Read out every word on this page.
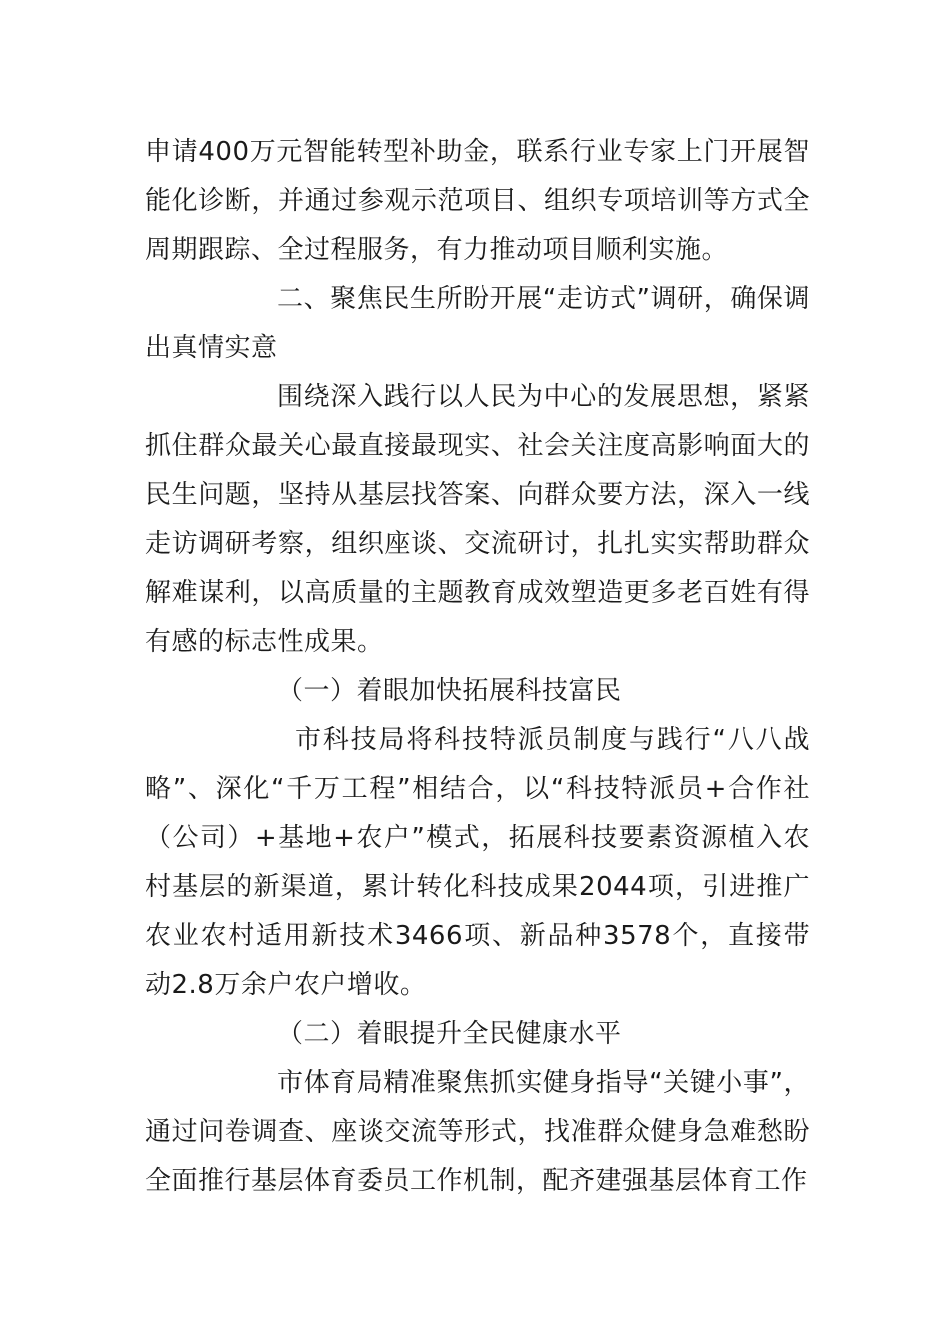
申请400万元智能转型补助金，联系行业专家上门开展智能化诊断，并通过参观示范项目、组织专项培训等方式全周期跟踪、全过程服务，有力推动项目顺利实施。

二、聚焦民生所盼开展“走访式”调研，确保调出真情实意

围绕深入践行以人民为中心的发展思想，紧紧抓住群众最关心最直接最现实、社会关注度高影响面大的民生问题，坚持从基层找答案、向群众要方法，深入一线走访调研考察，组织座谈、交流研讨，扎扎实实帮助群众解难谋利，以高质量的主题教育成效塑造更多老百姓有得有感的标志性成果。

（一）着眼加快拓展科技富民

市科技局将科技特派员制度与践行“八八战略”、深化“千万工程”相结合，以“科技特派员+合作社（公司）+基地+农户”模式，拓展科技要素资源植入农村基层的新渠道，累计转化科技成果2044项，引进推广农业农村适用新技术3466项、新品种3578个，直接带动2.8万余户农户增收。

（二）着眼提升全民健康水平

市体育局精准聚焦抓实健身指导“关键小事”，通过问卷调查、座谈交流等形式，找准群众健身急难愁盼全面推行基层体育委员工作机制，配齐建强基层体育工作
